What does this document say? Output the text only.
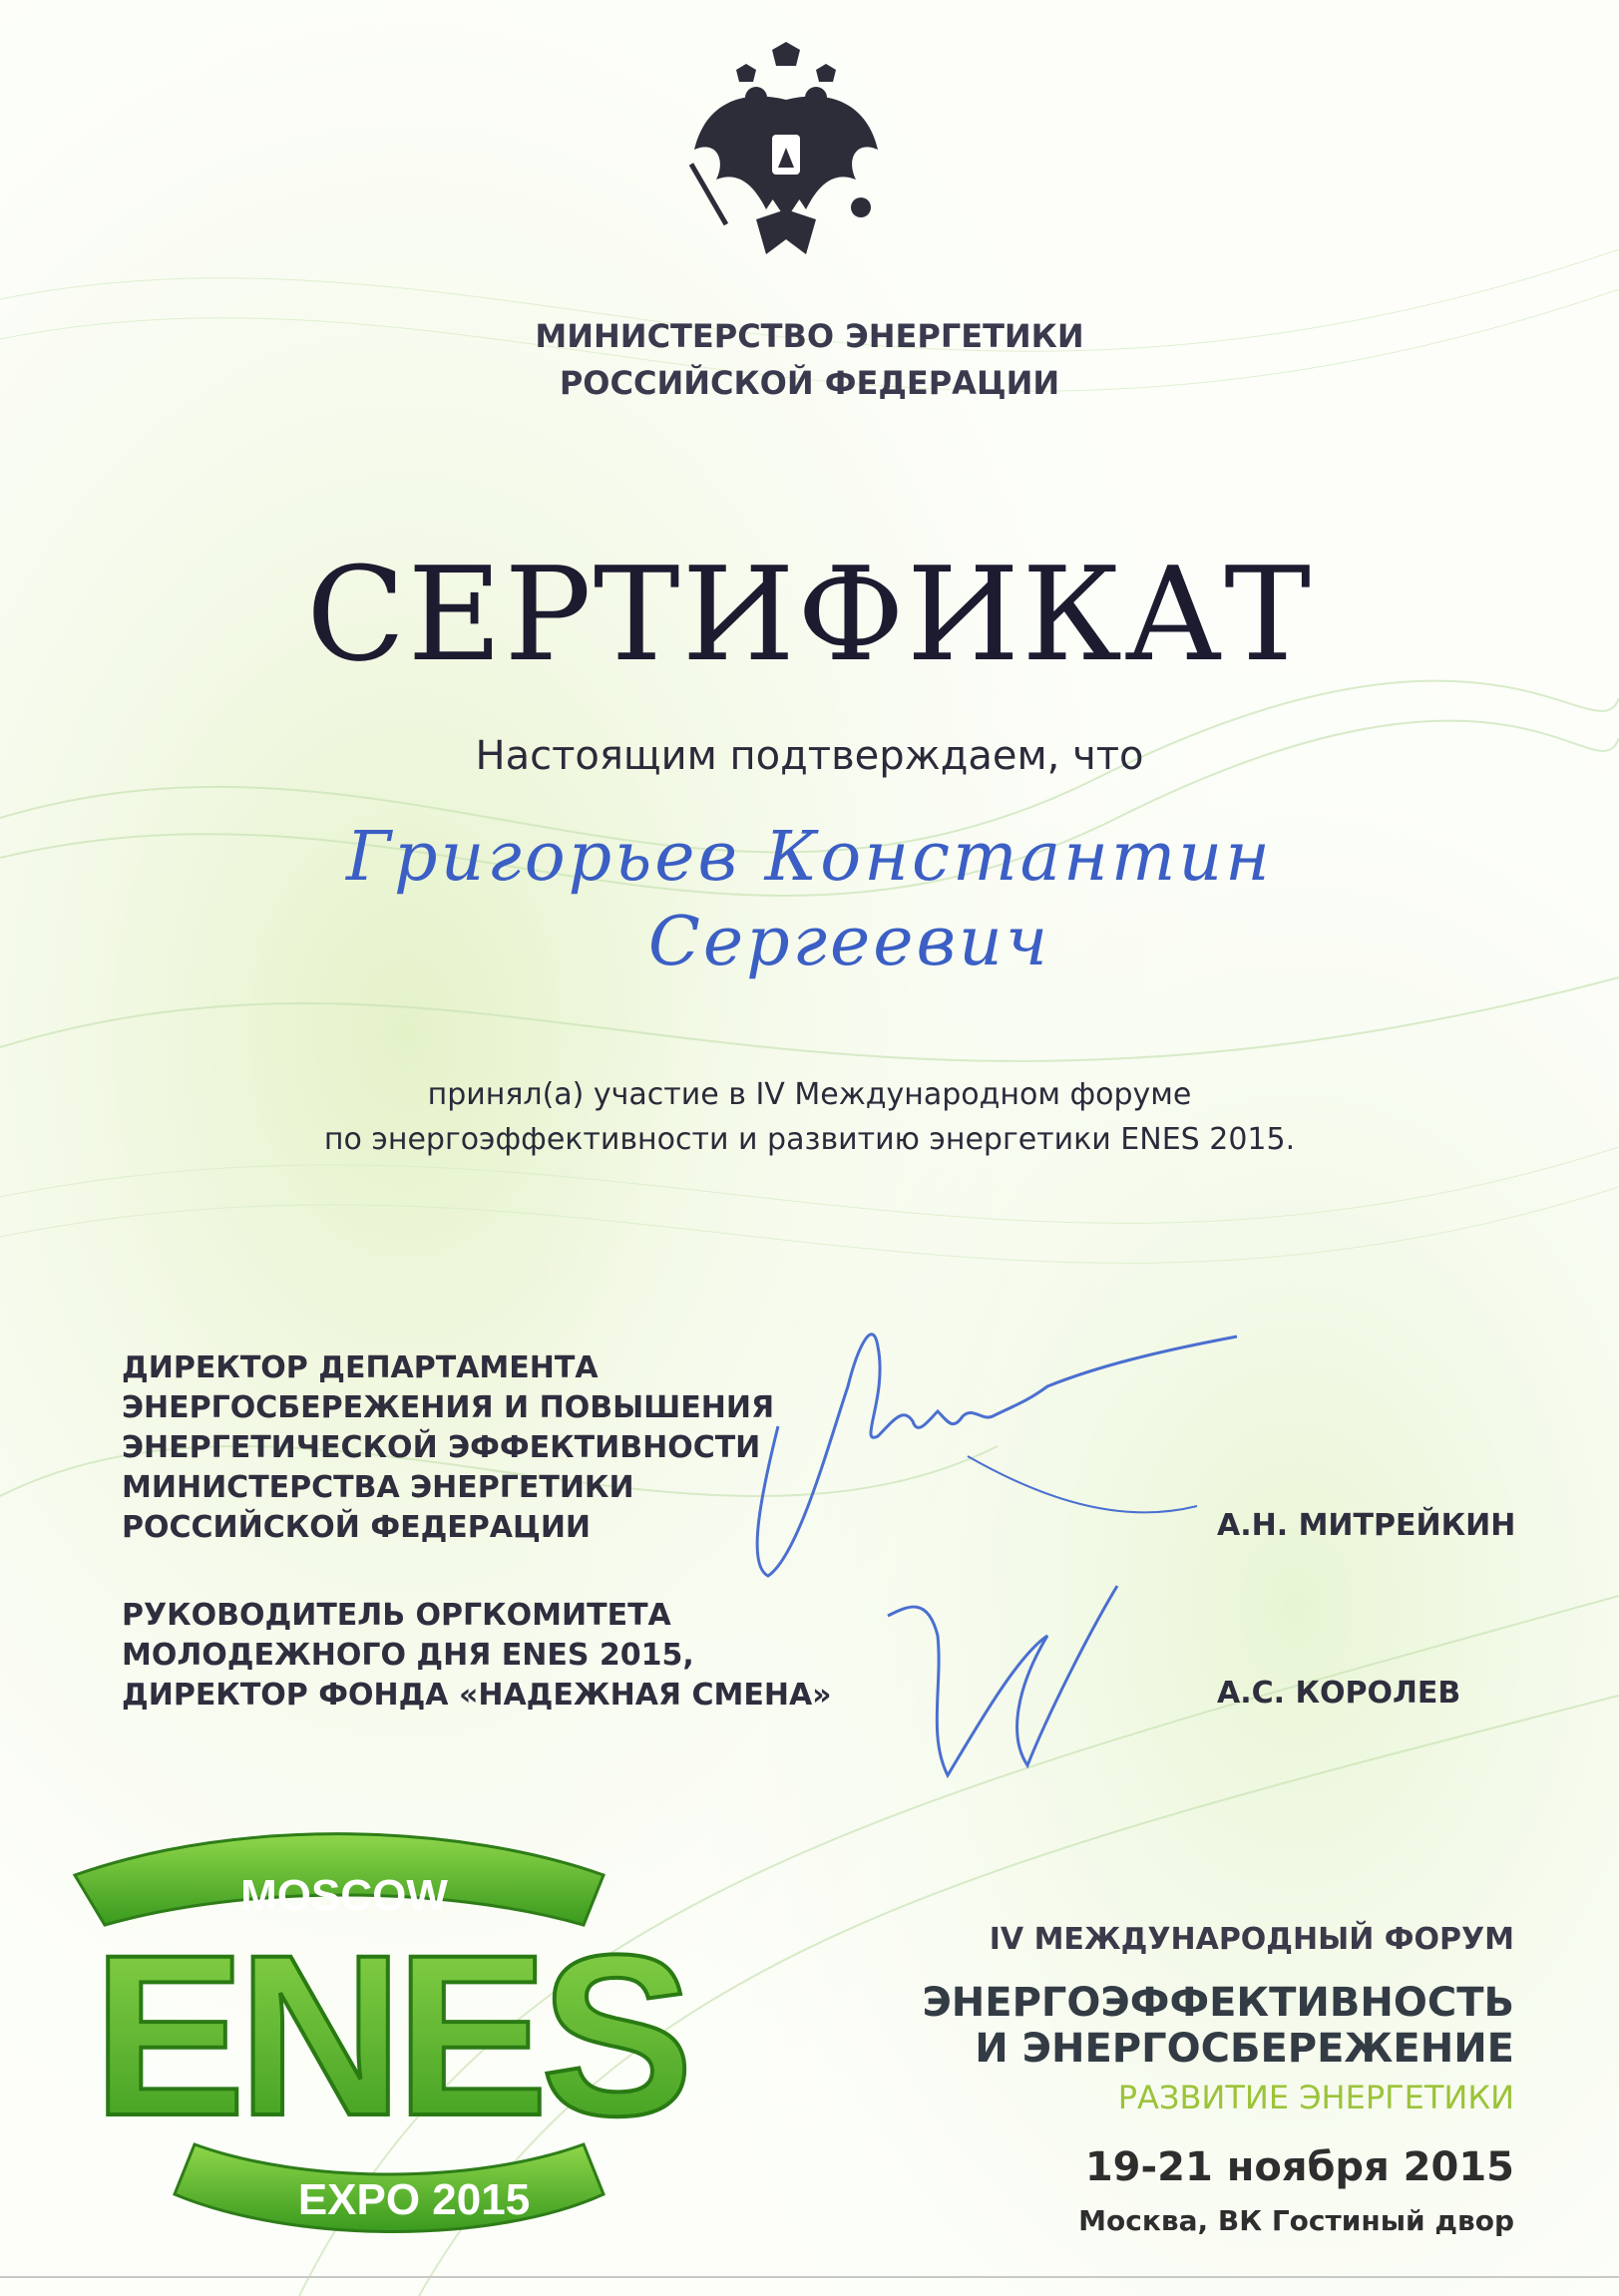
МИНИСТЕРСТВО ЭНЕРГЕТИКИ
РОССИЙСКОЙ ФЕДЕРАЦИИ
СЕРТИФИКАТ
Настоящим подтверждаем, что
Григорьев Константин
Сергеевич
принял(а) участие в IV Международном форуме
по энергоэффективности и развитию энергетики ENES 2015.
ДИРЕКТОР ДЕПАРТАМЕНТА
ЭНЕРГОСБЕРЕЖЕНИЯ И ПОВЫШЕНИЯ
ЭНЕРГЕТИЧЕСКОЙ ЭФФЕКТИВНОСТИ
МИНИСТЕРСТВА ЭНЕРГЕТИКИ
РОССИЙСКОЙ ФЕДЕРАЦИИ	А.Н. МИТРЕЙКИН
РУКОВОДИТЕЛЬ ОРГКОМИТЕТА
МОЛОДЕЖНОГО ДНЯ ENES 2015,
ДИРЕКТОР ФОНДА «НАДЕЖНАЯ СМЕНА»	А.С. КОРОЛЕВ
MOSCOW
ENES
EXPO 2015
IV МЕЖДУНАРОДНЫЙ ФОРУМ
ЭНЕРГОЭФФЕКТИВНОСТЬ
И ЭНЕРГОСБЕРЕЖЕНИЕ
РАЗВИТИЕ ЭНЕРГЕТИКИ
19-21 ноября 2015
Москва, ВК Гостиный двор
